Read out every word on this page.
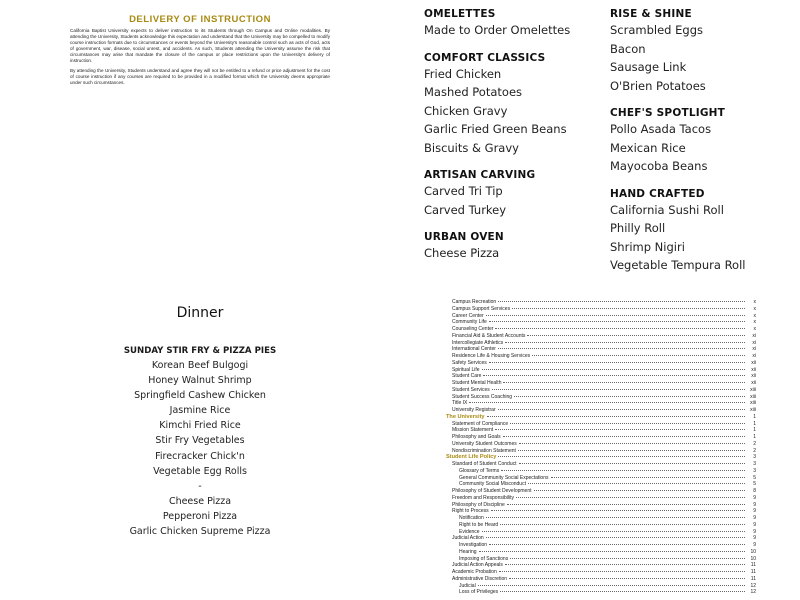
DELIVERY OF INSTRUCTION

California Baptist University expects to deliver instruction to its Students through On Campus and Online modalities. By attending the University, Students acknowledge this expectation and understand that the University may be compelled to modify course instruction formats due to circumstances or events beyond the University's reasonable control such as acts of God, acts of government, war, disease, social unrest, and accidents. As such, Students attending the University assume the risk that circumstances may arise that mandate the closure of the campus or place restrictions upon the University's delivery of instruction.

By attending the University, Students understand and agree they will not be entitled to a refund or price adjustment for the cost of course instruction if any courses are required to be provided in a modified format which the University deems appropriate under such circumstances.

OMELETTES
Made to Order Omelettes
COMFORT CLASSICS
Fried Chicken
Mashed Potatoes
Chicken Gravy
Garlic Fried Green Beans
Biscuits & Gravy
ARTISAN CARVING
Carved Tri Tip
Carved Turkey
URBAN OVEN
Cheese Pizza
RISE & SHINE
Scrambled Eggs
Bacon
Sausage Link
O'Brien Potatoes
CHEF'S SPOTLIGHT
Pollo Asada Tacos
Mexican Rice
Mayocoba Beans
HAND CRAFTED
California Sushi Roll
Philly Roll
Shrimp Nigiri
Vegetable Tempura Roll
Dinner
SUNDAY STIR FRY & PIZZA PIES
Korean Beef Bulgogi
Honey Walnut Shrimp
Springfield Cashew Chicken
Jasmine Rice
Kimchi Fried Rice
Stir Fry Vegetables
Firecracker Chick'n
Vegetable Egg Rolls
-
Cheese Pizza
Pepperoni Pizza
Garlic Chicken Supreme Pizza
Campus Recreation	x
Campus Support Services	x
Career Center	x
Community Life	x
Counseling Center	x
Financial Aid & Student Accounts	xi
Intercollegiate Athletics	xi
International Center	xi
Residence Life & Housing Services	xi
Safety Services	xii
Spiritual Life	xii
Student Care	xii
Student Mental Health	xii
Student Services	xiii
Student Success Coaching	xiii
Title IX	xiii
University Registrar	xiii
The University	1
Statement of Compliance	1
Mission Statement	1
Philosophy and Goals	1
University Student Outcomes	2
Nondiscrimination Statement	2
Student Life Policy	3
Standard of Student Conduct	3
Glossary of Terms	3
General Community Social Expectations	5
Community Social Misconduct	5
Philosophy of Student Development	8
Freedom and Responsibility	9
Philosophy of Discipline	9
Right to Process	9
Notification	9
Right to be Heard	9
Evidence	9
Judicial Action	9
Investigation	9
Hearing	10
Imposing of Sanctions	10
Judicial Action Appeals	11
Academic Probation	11
Administrative Discretion	11
Judicial	12
Loss of Privileges	12
